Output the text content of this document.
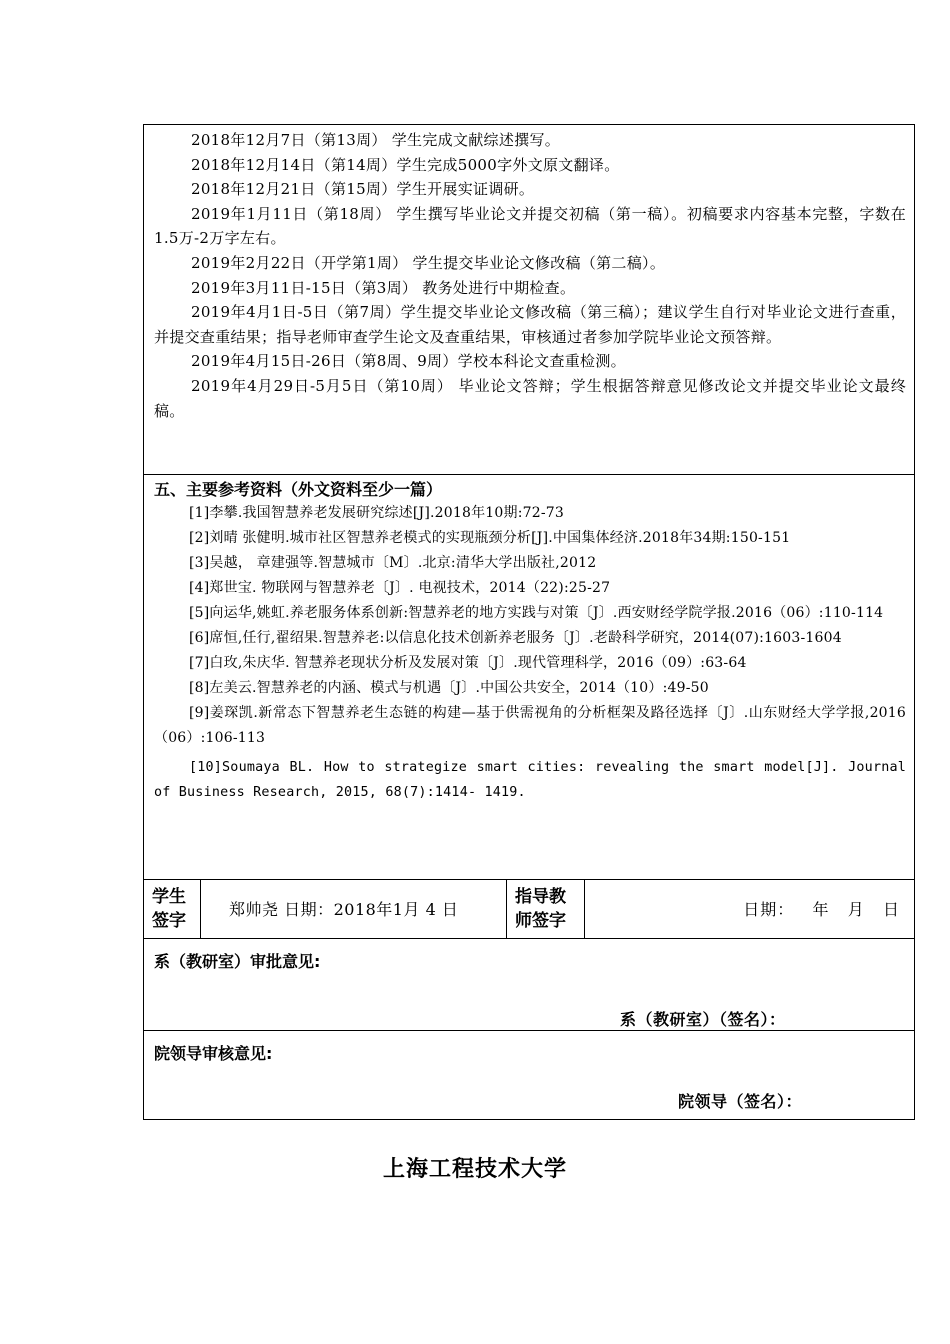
2018年12月7日（第13周） 学生完成文献综述撰写。

2018年12月14日（第14周）学生完成5000字外文原文翻译。

2018年12月21日（第15周）学生开展实证调研。

2019年1月11日（第18周） 学生撰写毕业论文并提交初稿（第一稿）。初稿要求内容基本完整，字数在1.5万-2万字左右。

2019年2月22日（开学第1周） 学生提交毕业论文修改稿（第二稿）。

2019年3月11日-15日（第3周） 教务处进行中期检查。

2019年4月1日-5日（第7周）学生提交毕业论文修改稿（第三稿）；建议学生自行对毕业论文进行查重，并提交查重结果；指导老师审查学生论文及查重结果，审核通过者参加学院毕业论文预答辩。

2019年4月15日-26日（第8周、9周）学校本科论文查重检测。

2019年4月29日-5月5日（第10周） 毕业论文答辩；学生根据答辩意见修改论文并提交毕业论文最终稿。

五、主要参考资料（外文资料至少一篇）

[1]李攀.我国智慧养老发展研究综述[J].2018年10期:72-73

[2]刘晴 张健明.城市社区智慧养老模式的实现瓶颈分析[J].中国集体经济.2018年34期:150-151

[3]吴越， 章建强等.智慧城市〔M〕.北京:清华大学出版社,2012

[4]郑世宝. 物联网与智慧养老〔J〕. 电视技术，2014（22):25-27

[5]向运华,姚虹.养老服务体系创新:智慧养老的地方实践与对策〔J〕.西安财经学院学报.2016（06）:110-114

[6]席恒,任行,翟绍果.智慧养老:以信息化技术创新养老服务〔J〕.老龄科学研究，2014(07):1603-1604

[7]白玫,朱庆华. 智慧养老现状分析及发展对策〔J〕.现代管理科学，2016（09）:63-64

[8]左美云.智慧养老的内涵、模式与机遇〔J〕.中国公共安全，2014（10）:49-50

[9]姜琛凯.新常态下智慧养老生态链的构建—基于供需视角的分析框架及路径选择〔J〕.山东财经大学学报,2016（06）:106-113

[10]Soumaya BL. How to strategize smart cities: revealing the smart model[J]. Journal of Business Research, 2015, 68(7):1414- 1419.

学生签字
郑帅尧 日期：2018年1月 4 日
指导教师签字
日期：   年   月   日
系（教研室）审批意见:
系（教研室）（签名）：
院领导审核意见:
院领导（签名）：
上海工程技术大学
